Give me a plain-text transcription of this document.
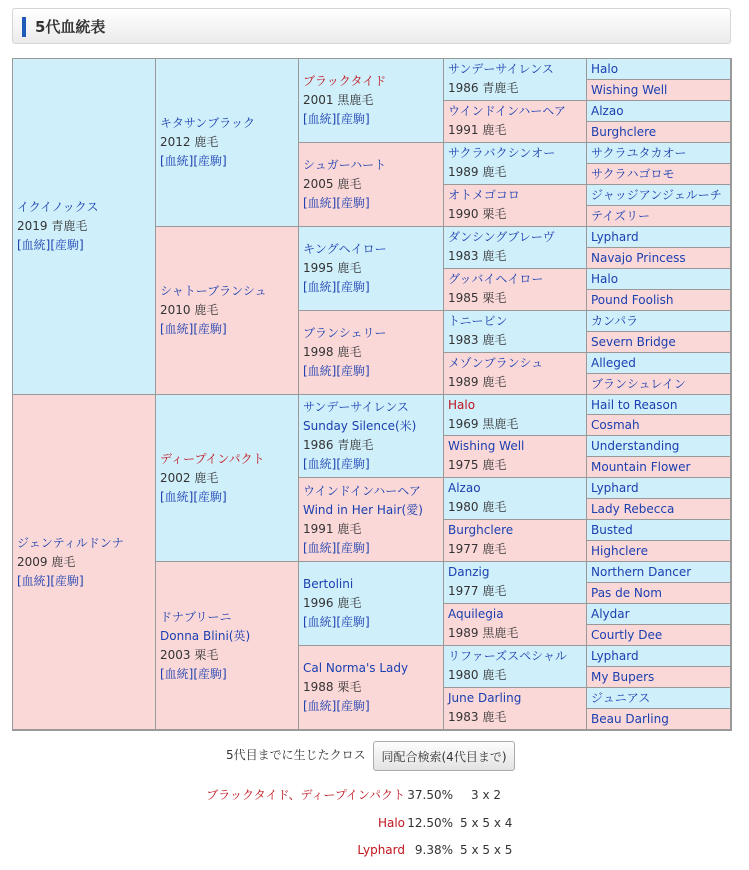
5代血統表
イクイノックス
2019 青鹿毛
[血統][産駒]
ジェンティルドンナ
2009 鹿毛
[血統][産駒]
キタサンブラック
2012 鹿毛
[血統][産駒]
シャトーブランシュ
2010 鹿毛
[血統][産駒]
ディープインパクト
2002 鹿毛
[血統][産駒]
ドナブリーニ
Donna Blini(英)
2003 栗毛
[血統][産駒]
ブラックタイド
2001 黒鹿毛
[血統][産駒]
シュガーハート
2005 鹿毛
[血統][産駒]
キングヘイロー
1995 鹿毛
[血統][産駒]
ブランシェリー
1998 鹿毛
[血統][産駒]
サンデーサイレンス
Sunday Silence(米)
1986 青鹿毛
[血統][産駒]
ウインドインハーヘア
Wind in Her Hair(愛)
1991 鹿毛
[血統][産駒]
Bertolini
1996 鹿毛
[血統][産駒]
Cal Norma's Lady
1988 栗毛
[血統][産駒]
サンデーサイレンス
1986 青鹿毛
ウインドインハーヘア
1991 鹿毛
サクラバクシンオー
1989 鹿毛
オトメゴコロ
1990 栗毛
ダンシングブレーヴ
1983 鹿毛
グッバイヘイロー
1985 栗毛
トニービン
1983 鹿毛
メゾンブランシュ
1989 鹿毛
Halo
1969 黒鹿毛
Wishing Well
1975 鹿毛
Alzao
1980 鹿毛
Burghclere
1977 鹿毛
Danzig
1977 鹿毛
Aquilegia
1989 黒鹿毛
リファーズスペシャル
1980 鹿毛
June Darling
1983 鹿毛
Halo
Wishing Well
Alzao
Burghclere
サクラユタカオー
サクラハゴロモ
ジャッジアンジェルーチ
テイズリー
Lyphard
Navajo Princess
Halo
Pound Foolish
カンパラ
Severn Bridge
Alleged
ブランシュレイン
Hail to Reason
Cosmah
Understanding
Mountain Flower
Lyphard
Lady Rebecca
Busted
Highclere
Northern Dancer
Pas de Nom
Alydar
Courtly Dee
Lyphard
My Bupers
ジュニアス
Beau Darling
5代目までに生じたクロス	同配合検索(4代目まで)
ブラックタイド、ディープインパクト 37.50% 3 x 2
Halo 12.50% 5 x 5 x 4
Lyphard 9.38% 5 x 5 x 5
